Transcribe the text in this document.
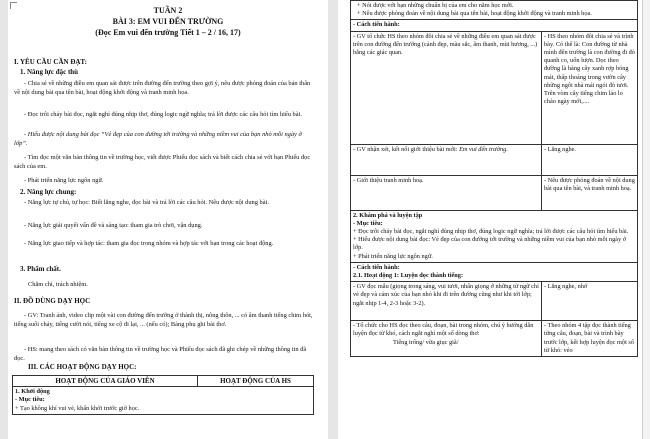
TUẦN 2

BÀI 3: EM VUI ĐẾN TRƯỜNG

(Đọc Em vui đến trường Tiết 1 – 2 / 16, 17)

I. YÊU CẦU CẦN ĐẠT:

1. Năng lực đặc thù

- Chia sẻ về những điều em quan sát được trên đường đến trường theo gợi ý, nêu được phỏng đoán của bản thân về nội dung bài qua tên bài, hoạt động khởi động và tranh minh họa.

- Đọc trôi chảy bài đọc, ngắt nghỉ đúng nhịp thơ, đúng logic ngữ nghĩa; trả lời được các câu hỏi tìm hiểu bài.

- Hiểu được nội dung bài đọc “Vẻ đẹp của con đường tới trường và những niềm vui của bạn nhỏ mỗi ngày ở lớp”.

- Tìm đọc một văn bản thông tin về trường học, viết được Phiếu đọc sách và biết cách chia sẻ với bạn Phiếu đọc sách của em.

- Phát triển năng lực ngôn ngữ.

2. Năng lực chung:

- Năng lực tự chủ, tự học: Biết lắng nghe, đọc bài và trả lời các câu hỏi. Nêu được nội dung bài.

- Năng lực giải quyết vấn đề và sáng tạo: tham gia trò chơi, vận dụng.

- Năng lực giao tiếp và hợp tác: tham gia đọc trong nhóm và hợp tác với bạn trong các hoạt động.

3. Phẩm chất.

Chăm chỉ, trách nhiệm.

II. ĐỒ DÙNG DẠY HỌC

- GV: Tranh ảnh, video clip một vài con đường đến trường ở thành thị, nông thôn, ... có âm thanh tiếng chim hót, tiếng suối chảy, tiếng cười nói, tiếng xe cộ đi lại, ... (nếu có); Bảng phụ ghi bài thơ.

- HS: mang theo sách có văn bản thông tin về trường học và Phiếu đọc sách đã ghi chép về những thông tin đã đọc.

III. CÁC HOẠT ĐỘNG DẠY HỌC:

HOẠT ĐỘNG CỦA GIÁO VIÊN	HOẠT ĐỘNG CỦA HS

1. Khởi động
- Mục tiêu:
+ Tạo không khí vui vẻ, khấn khởi trước giờ học.
+ Nói được với bạn những chuẩn bị của em cho năm học mới.
+ Nêu được phỏng đoán về nội dung bài qua tên bài, hoạt động khởi động và tranh minh họa.	

- Cách tiến hành:	

- GV tổ chức HS theo nhóm đôi chia sẻ về những điều em quan sát được trên con đường đến trường (cảnh đẹp, màu sắc, âm thanh, mùi hương, ...) bằng các giác quan.	- HS theo nhóm đôi chia sẻ và trình bày. Có thể là: Con đường từ nhà mình đến trường là con đường đi đò quanh co, uốn lượn. Dọc theo đường là hàng cây xanh rợp bóng mát, thấp thoáng trong vườn cây những ngôi nhà mái ngói đỏ tươi. Trên vòm cây tiếng chim lảo lo chào ngày mới,....
- GV nhận xét, kết nối giới thiệu bài mới: Em vui đến trường.	- Lắng nghe.
- Giới thiệu tranh minh hoạ.	- Nêu được phỏng đoán về nội dung bài qua tên bài, và tranh minh hoạ.

2. Khám phá và luyện tập
- Mục tiêu:
+ Đọc trôi chảy bài đọc, ngắt nghỉ đúng nhịp thơ, đúng logic ngữ nghĩa; trả lời được các câu hỏi tìm hiểu bài.
+ Hiểu được nội dung bài đọc: Vẻ đẹp của con đường tới trường và những niềm vui của bạn nhỏ mỗi ngày ở lớp.
+ Phát triển năng lực ngôn ngữ.	

- Cách tiến hành:
2.1. Hoạt động 1: Luyện đọc thành tiếng:	

- GV đọc mẫu (giọng trong sáng, vui tươi, nhấn giọng ở những từ ngữ chỉ vẻ đẹp và cảm xúc của bạn nhỏ khi đi trên đường cũng như khi tới lớp; ngắt nhịp 1-4, 2-3 hoặc 3-2).	- Lắng nghe, nhớ

- Tổ chức cho HS đọc theo câu, đoạn, bài trong nhóm, chú ý hướng dẫn luyện đọc từ khó, cách ngắt nghỉ một số dòng thơ:
Tiếng trống/ vừa giục giã/	- Theo nhóm 4 tập đọc thành tiếng từng câu, đoạn, bài và trình bày trước lớp, kết hợp luyện đọc một số từ khó: véo
